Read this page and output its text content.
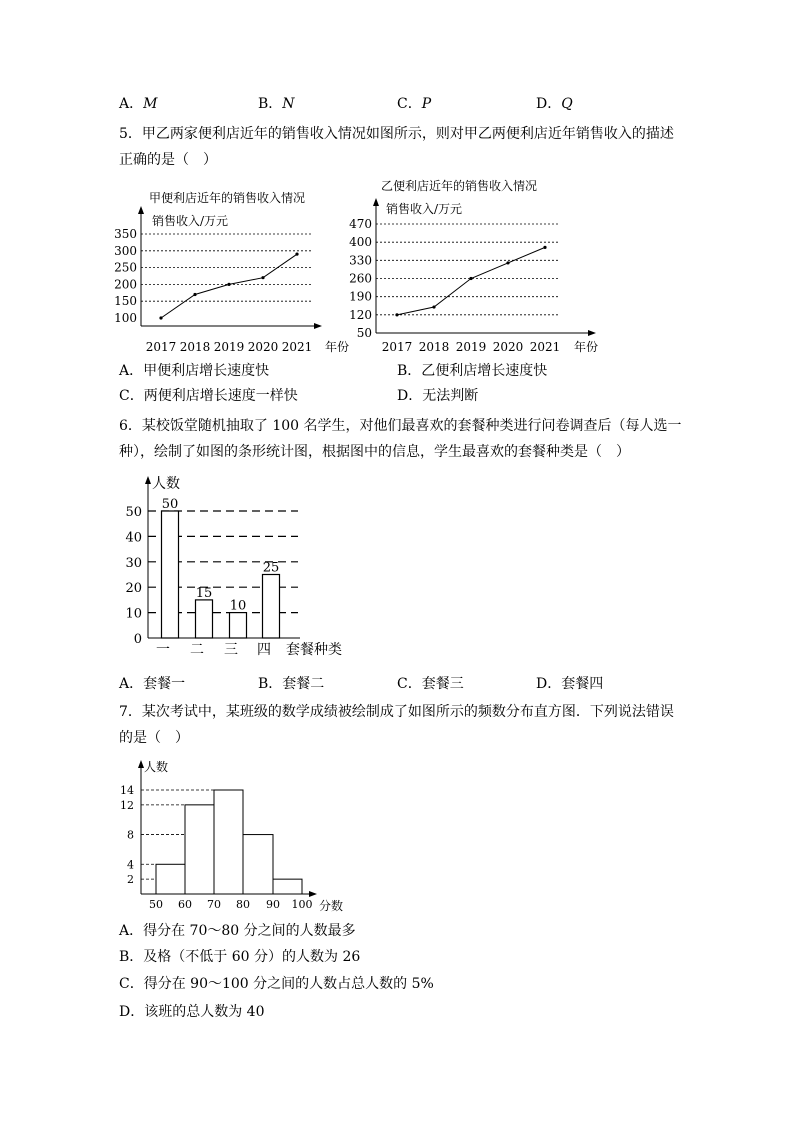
A．M	B．N	C．P	D．Q
5．甲乙两家便利店近年的销售收入情况如图所示，则对甲乙两便利店近年销售收入的描述
正确的是（　）
甲便利店近年的销售收入情况
销售收入/万元
年份
100
150
200
250
300
350
2017 2018 2019 2020 2021
乙便利店近年的销售收入情况
销售收入/万元
年份
50
120
190
260
330
400
470
2017 2018 2019 2020 2021
A．甲便利店增长速度快	B．乙便利店增长速度快
C．两便利店增长速度一样快	D．无法判断
6．某校饭堂随机抽取了 100 名学生，对他们最喜欢的套餐种类进行问卷调查后（每人选一
种），绘制了如图的条形统计图，根据图中的信息，学生最喜欢的套餐种类是（　）
人数
套餐种类
0
10
20
30
40
50
50
一
15
二
10
三
25
四
A．套餐一	B．套餐二	C．套餐三	D．套餐四
7．某次考试中，某班级的数学成绩被绘制成了如图所示的频数分布直方图．下列说法错误
的是（　）
人数
分数
2
4
8
12
14
50 60 70 80 90 100
A．得分在 70～80 分之间的人数最多
B．及格（不低于 60 分）的人数为 26
C．得分在 90～100 分之间的人数占总人数的 5%
D．该班的总人数为 40
